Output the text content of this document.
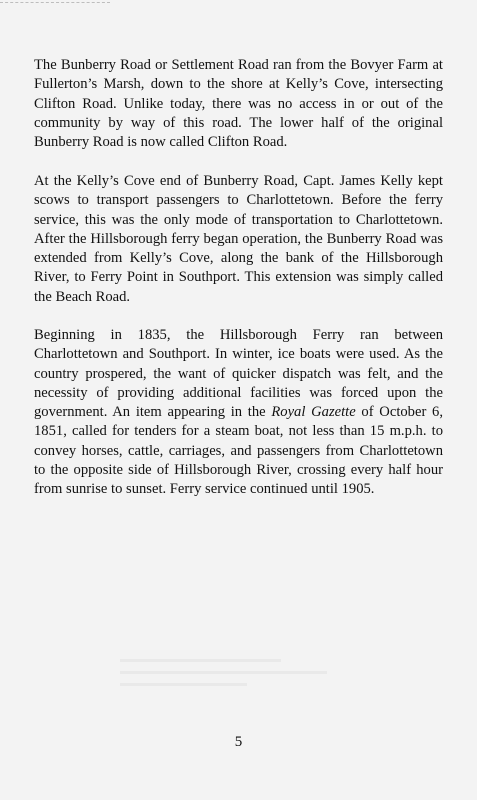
The Bunberry Road or Settlement Road ran from the Bovyer Farm at Fullerton’s Marsh, down to the shore at Kelly’s Cove, intersecting Clifton Road. Unlike today, there was no access in or out of the community by way of this road. The lower half of the original Bunberry Road is now called Clifton Road.

At the Kelly’s Cove end of Bunberry Road, Capt. James Kelly kept scows to transport passengers to Charlottetown. Before the ferry service, this was the only mode of transportation to Charlottetown. After the Hillsborough ferry began operation, the Bunberry Road was extended from Kelly’s Cove, along the bank of the Hillsborough River, to Ferry Point in Southport. This extension was simply called the Beach Road.

Beginning in 1835, the Hillsborough Ferry ran between Charlottetown and Southport. In winter, ice boats were used. As the country prospered, the want of quicker dispatch was felt, and the necessity of providing additional facilities was forced upon the government. An item appearing in the Royal Gazette of October 6, 1851, called for tenders for a steam boat, not less than 15 m.p.h. to convey horses, cattle, carriages, and passengers from Charlottetown to the opposite side of Hillsborough River, crossing every half hour from sunrise to sunset. Ferry service continued until 1905.

5
